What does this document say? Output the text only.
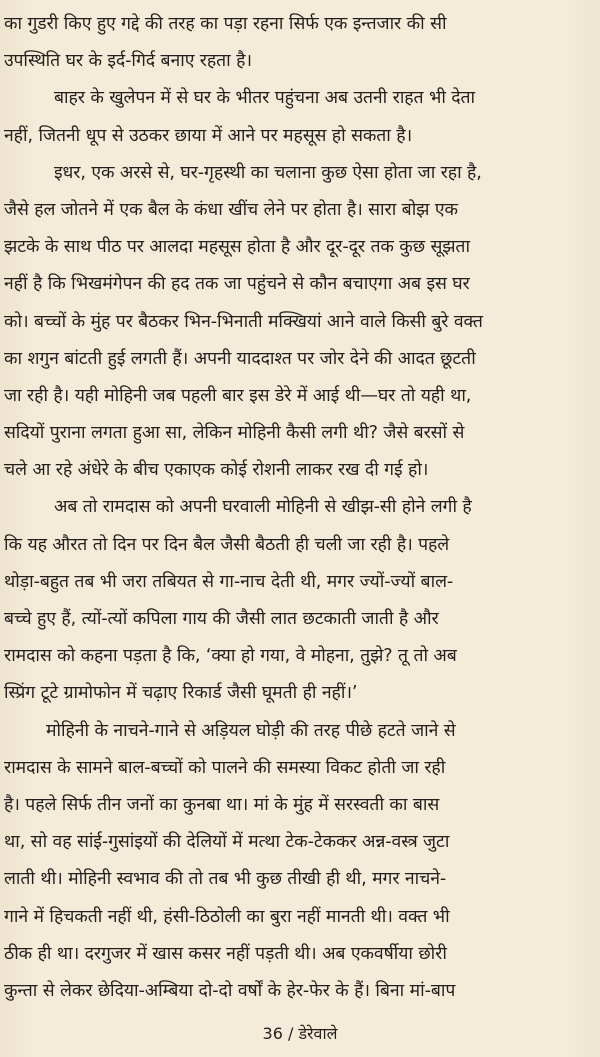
का गुडरी किए हुए गद्दे की तरह का पड़ा रहना सिर्फ एक इन्तजार की सी
उपस्थिति घर के इर्द-गिर्द बनाए रहता है।
बाहर के खुलेपन में से घर के भीतर पहुंचना अब उतनी राहत भी देता
नहीं, जितनी धूप से उठकर छाया में आने पर महसूस हो सकता है।
इधर, एक अरसे से, घर-गृहस्थी का चलाना कुछ ऐसा होता जा रहा है,
जैसे हल जोतने में एक बैल के कंधा खींच लेने पर होता है। सारा बोझ एक
झटके के साथ पीठ पर आलदा महसूस होता है और दूर-दूर तक कुछ सूझता
नहीं है कि भिखमंगेपन की हद तक जा पहुंचने से कौन बचाएगा अब इस घर
को। बच्चों के मुंह पर बैठकर भिन-भिनाती मक्खियां आने वाले किसी बुरे वक्त
का शगुन बांटती हुई लगती हैं। अपनी याददाश्त पर जोर देने की आदत छूटती
जा रही है। यही मोहिनी जब पहली बार इस डेरे में आई थी—घर तो यही था,
सदियों पुराना लगता हुआ सा, लेकिन मोहिनी कैसी लगी थी? जैसे बरसों से
चले आ रहे अंधेरे के बीच एकाएक कोई रोशनी लाकर रख दी गई हो।
अब तो रामदास को अपनी घरवाली मोहिनी से खीझ-सी होने लगी है
कि यह औरत तो दिन पर दिन बैल जैसी बैठती ही चली जा रही है। पहले
थोड़ा-बहुत तब भी जरा तबियत से गा-नाच देती थी, मगर ज्यों-ज्यों बाल-
बच्चे हुए हैं, त्यों-त्यों कपिला गाय की जैसी लात छटकाती जाती है और
रामदास को कहना पड़ता है कि, ‘क्या हो गया, वे मोहना, तुझे? तू तो अब
स्प्रिंग टूटे ग्रामोफोन में चढ़ाए रिकार्ड जैसी घूमती ही नहीं।’
मोहिनी के नाचने-गाने से अड़ियल घोड़ी की तरह पीछे हटते जाने से
रामदास के सामने बाल-बच्चों को पालने की समस्या विकट होती जा रही
है। पहले सिर्फ तीन जनों का कुनबा था। मां के मुंह में सरस्वती का बास
था, सो वह सांई-गुसांइयों की देलियों में मत्था टेक-टेककर अन्न-वस्त्र जुटा
लाती थी। मोहिनी स्वभाव की तो तब भी कुछ तीखी ही थी, मगर नाचने-
गाने में हिचकती नहीं थी, हंसी-ठिठोली का बुरा नहीं मानती थी। वक्त भी
ठीक ही था। दरगुजर में खास कसर नहीं पड़ती थी। अब एकवर्षीया छोरी
कुन्ता से लेकर छेदिया-अम्बिया दो-दो वर्षों के हेर-फेर के हैं। बिना मां-बाप
36 / डेरेवाले
